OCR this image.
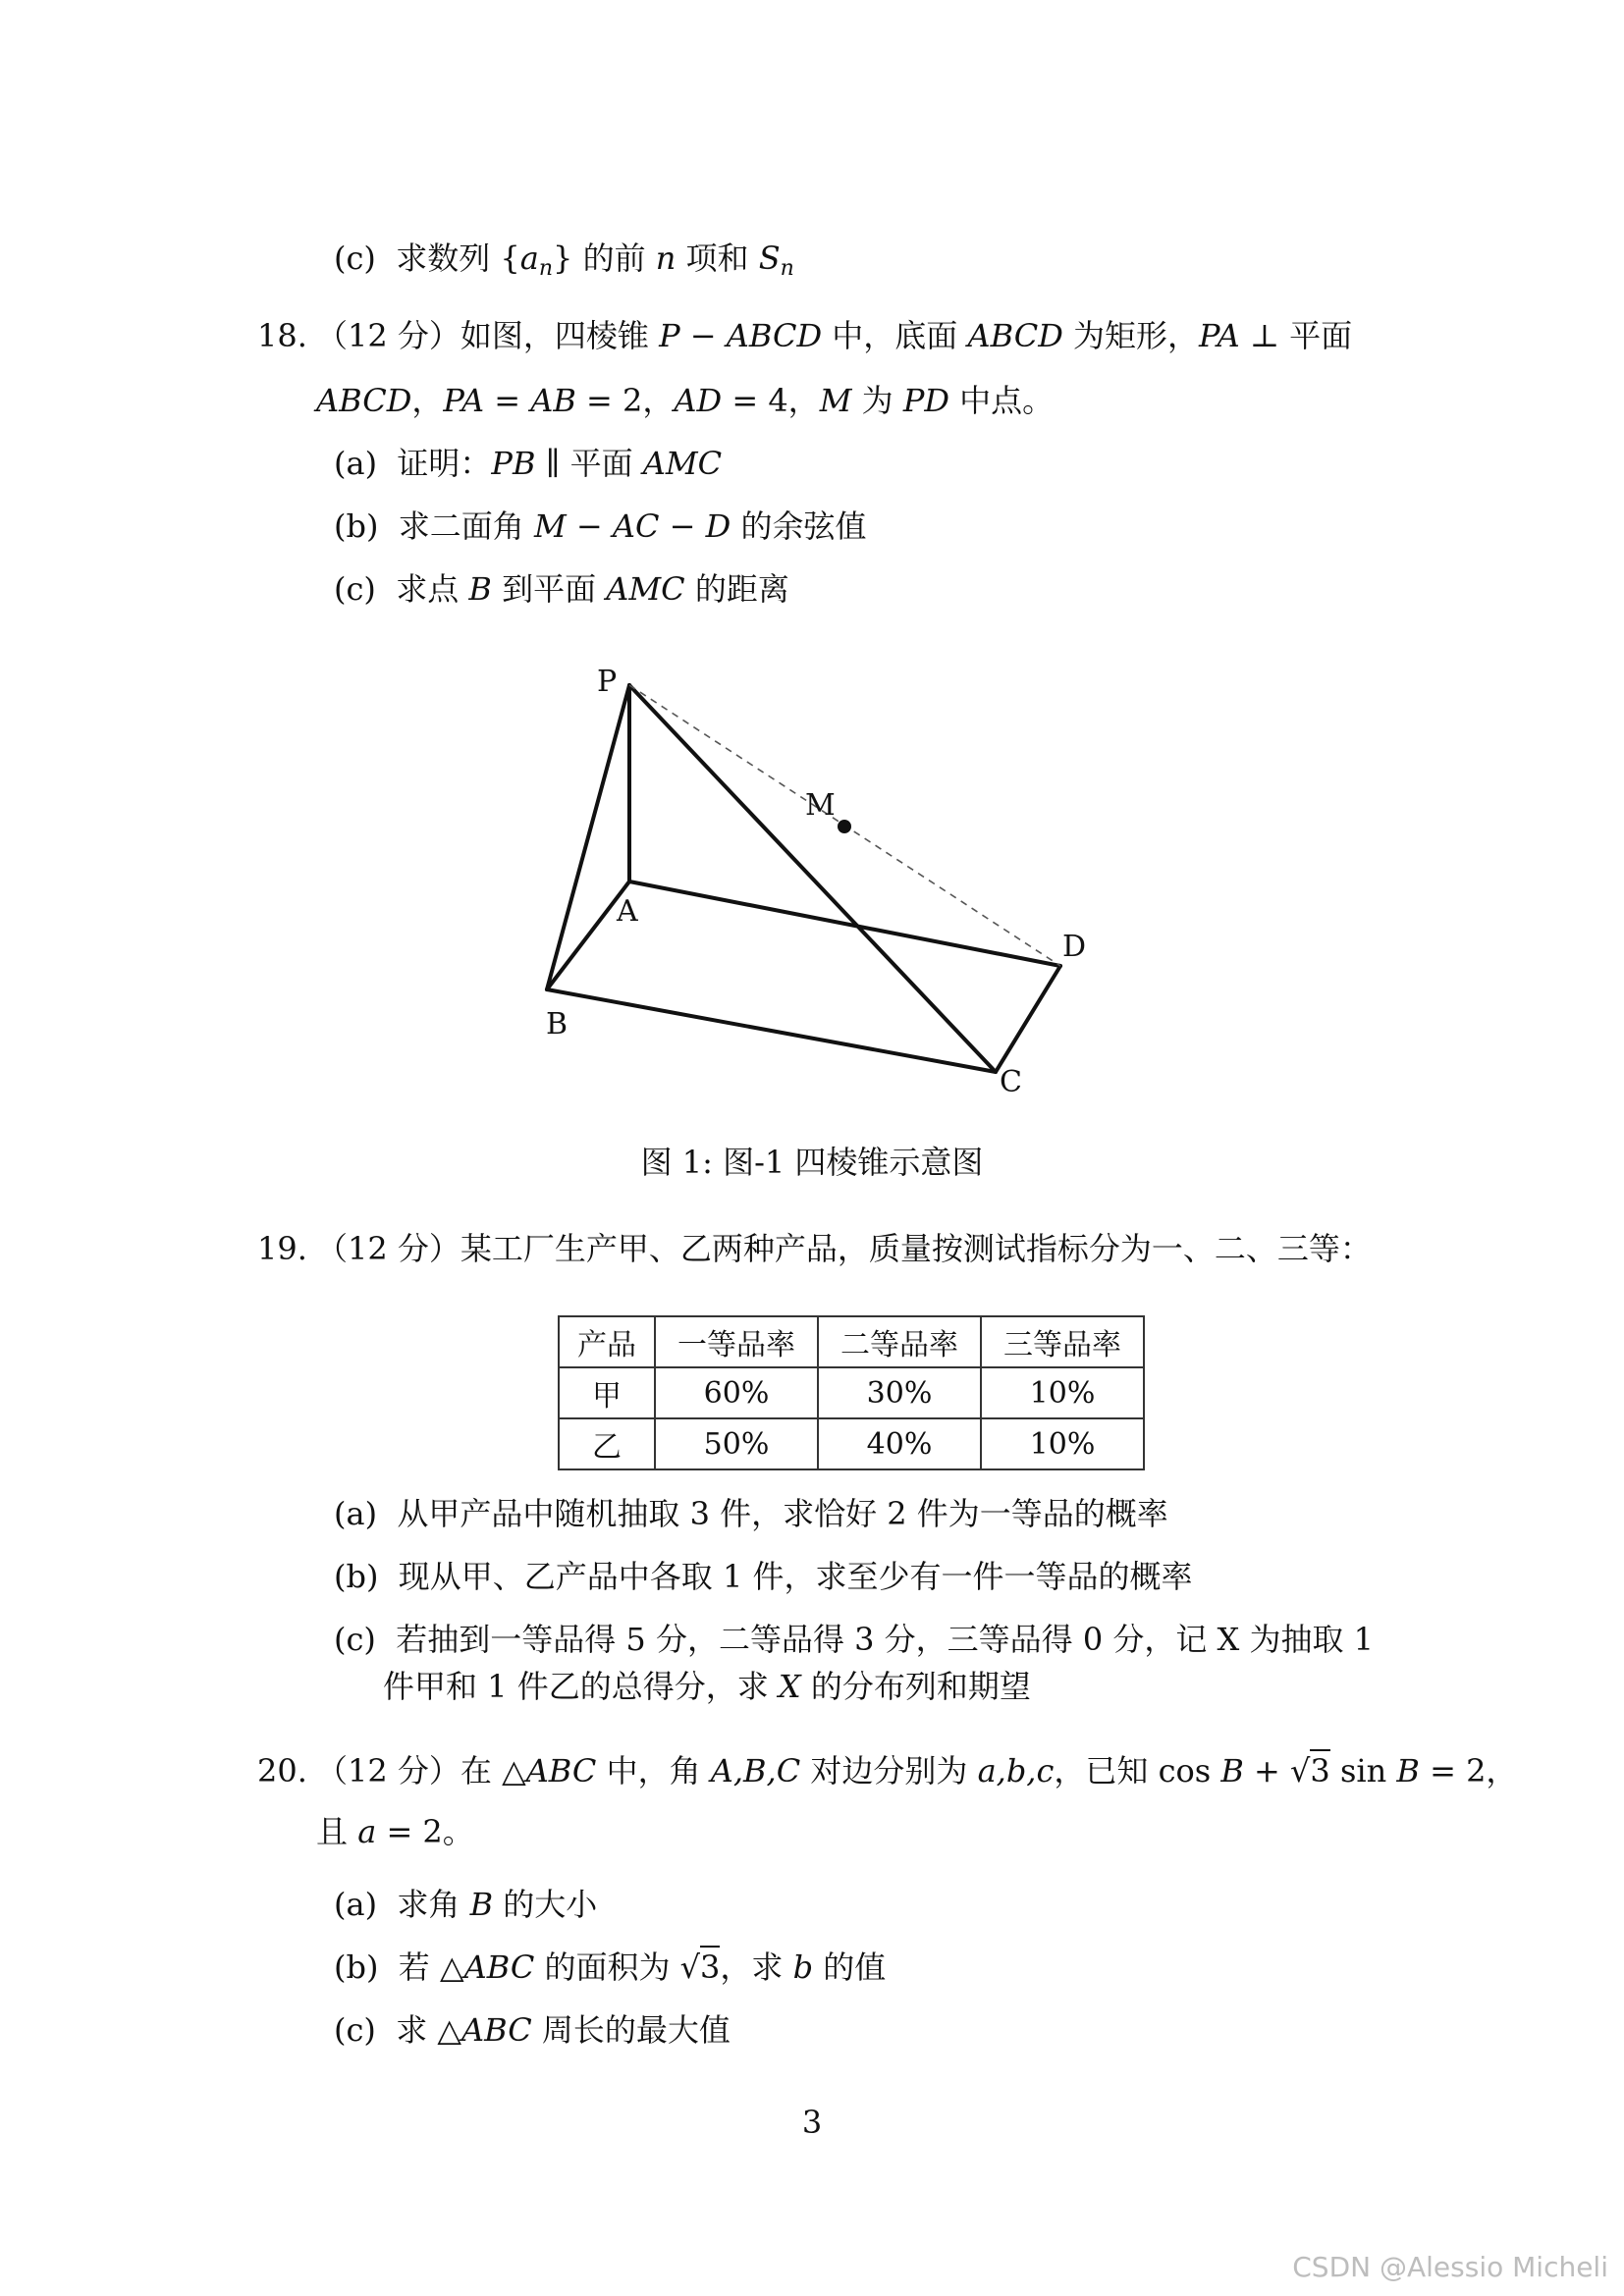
(c) 求数列 $\{a_n\}$ 的前 n 项和 $S_n$
18. （12 分）如图，四棱锥 P − ABCD 中，底面 ABCD 为矩形，PA ⊥ 平面
ABCD，PA = AB = 2，AD = 4，M 为 PD 中点。
(a) 证明：PB ∥ 平面 AMC
(b) 求二面角 M − AC − D 的余弦值
(c) 求点 B 到平面 AMC 的距离
P
M
A
D
B
C
图 1: 图-1 四棱锥示意图
19. （12 分）某工厂生产甲、乙两种产品，质量按测试指标分为一、二、三等：
产品	一等品率	二等品率	三等品率
甲	60%	30%	10%
乙	50%	40%	10%
(a) 从甲产品中随机抽取 3 件，求恰好 2 件为一等品的概率
(b) 现从甲、乙产品中各取 1 件，求至少有一件一等品的概率
(c) 若抽到一等品得 5 分，二等品得 3 分，三等品得 0 分，记 X 为抽取 1
件甲和 1 件乙的总得分，求 X 的分布列和期望
20. （12 分）在 △ABC 中，角 A,B,C 对边分别为 a,b,c，已知 cos B + √3 sin B = 2，
且 a = 2。
(a) 求角 B 的大小
(b) 若 △ABC 的面积为 √3，求 b 的值
(c) 求 △ABC 周长的最大值
3
CSDN @Alessio Micheli
